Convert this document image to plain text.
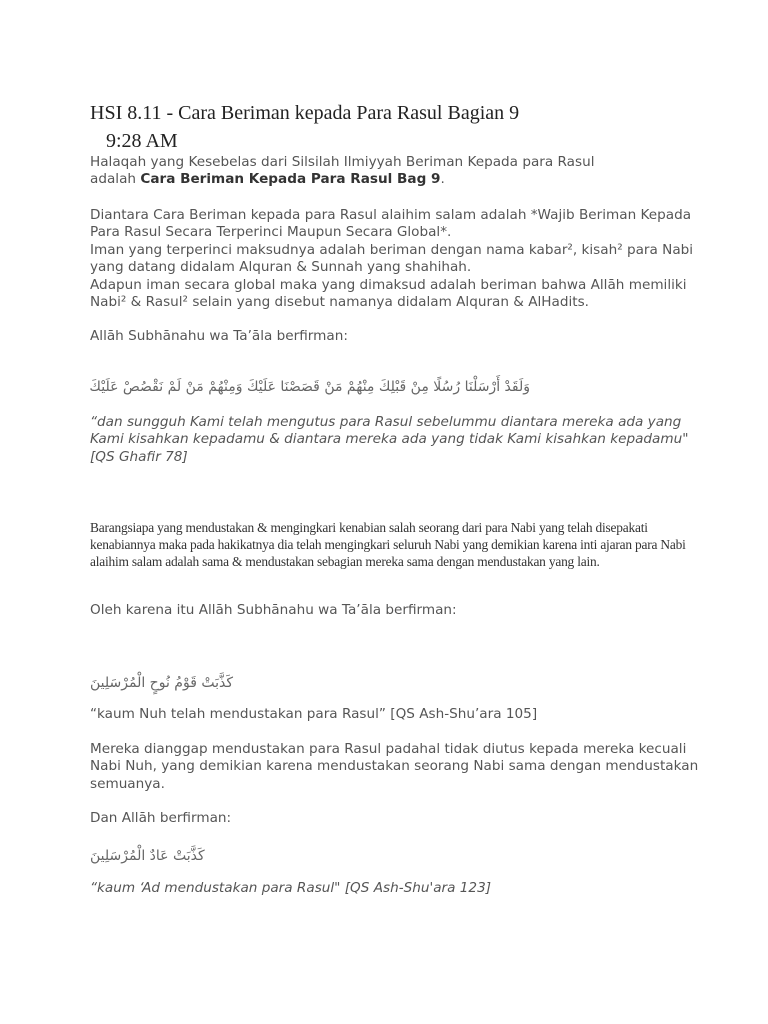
HSI 8.11 - Cara Beriman kepada Para Rasul Bagian 9
9:28 AM

Halaqah yang Kesebelas dari Silsilah Ilmiyyah Beriman Kepada para Rasul
adalah Cara Beriman Kepada Para Rasul Bag 9.

Diantara Cara Beriman kepada para Rasul alaihim salam adalah *Wajib Beriman Kepada Para Rasul Secara Terperinci Maupun Secara Global*.
Iman yang terperinci maksudnya adalah beriman dengan nama kabar², kisah² para Nabi yang datang didalam Alquran & Sunnah yang shahihah.
Adapun iman secara global maka yang dimaksud adalah beriman bahwa Allāh memiliki Nabi² & Rasul² selain yang disebut namanya didalam Alquran & AlHadits.

Allāh Subhānahu wa Ta’āla berfirman:

وَلَقَدْ أَرْسَلْنَا رُسُلًا مِنْ قَبْلِكَ مِنْهُمْ مَنْ قَصَصْنَا عَلَيْكَ وَمِنْهُمْ مَنْ لَمْ نَقْصُصْ عَلَيْكَ

“dan sungguh Kami telah mengutus para Rasul sebelummu diantara mereka ada yang Kami kisahkan kepadamu & diantara mereka ada yang tidak Kami kisahkan kepadamu" [QS Ghafir 78]

Barangsiapa yang mendustakan & mengingkari kenabian salah seorang dari para Nabi yang telah disepakati kenabiannya maka pada hakikatnya dia telah mengingkari seluruh Nabi yang demikian karena inti ajaran para Nabi alaihim salam adalah sama & mendustakan sebagian mereka sama dengan mendustakan yang lain.

Oleh karena itu Allāh Subhānahu wa Ta’āla berfirman:

كَذَّبَتْ قَوْمُ نُوحٍ الْمُرْسَلِينَ

“kaum Nuh telah mendustakan para Rasul” [QS Ash-Shu’ara 105]

Mereka dianggap mendustakan para Rasul padahal tidak diutus kepada mereka kecuali Nabi Nuh, yang demikian karena mendustakan seorang Nabi sama dengan mendustakan semuanya.

Dan Allāh berfirman:

كَذَّبَتْ عَادٌ الْمُرْسَلِينَ

“kaum ‘Ad mendustakan para Rasul" [QS Ash-Shu'ara 123]
